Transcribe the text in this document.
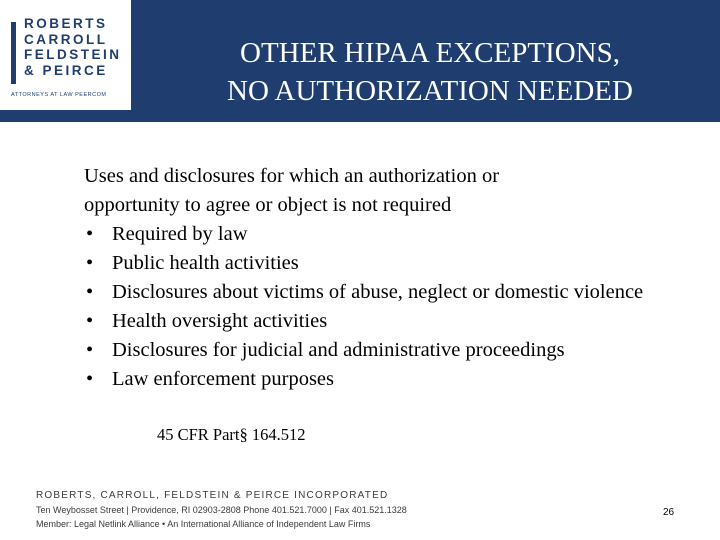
ROBERTS
CARROLL
FELDSTEIN
& PEIRCE
ATTORNEYS AT LAW PEERCOM
OTHER HIPAA EXCEPTIONS,
NO AUTHORIZATION NEEDED
Uses and disclosures for which an authorization or
opportunity to agree or object is not required
• Required by law
• Public health activities
• Disclosures about victims of abuse, neglect or domestic violence
• Health oversight activities
• Disclosures for judicial and administrative proceedings
• Law enforcement purposes
45 CFR Part§ 164.512
ROBERTS, CARROLL, FELDSTEIN & PEIRCE INCORPORATED
Ten Weybosset Street | Providence, RI 02903-2808 Phone 401.521.7000 | Fax 401.521.1328
Member: Legal Netlink Alliance • An International Alliance of Independent Law Firms
26
